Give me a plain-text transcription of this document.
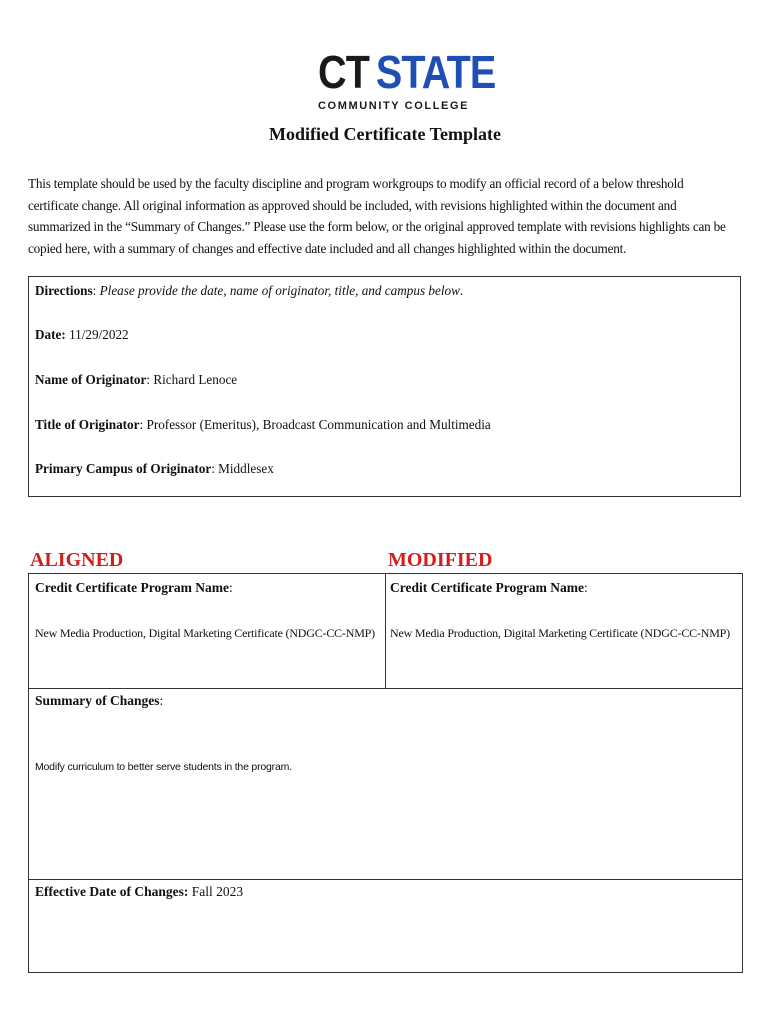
CT STATE
COMMUNITY COLLEGE
Modified Certificate Template
This template should be used by the faculty discipline and program workgroups to modify an official record of a below threshold certificate change. All original information as approved should be included, with revisions highlighted within the document and summarized in the “Summary of Changes.” Please use the form below, or the original approved template with revisions highlights can be copied here, with a summary of changes and effective date included and all changes highlighted within the document.
Directions: Please provide the date, name of originator, title, and campus below.
Date: 11/29/2022
Name of Originator: Richard Lenoce
Title of Originator: Professor (Emeritus), Broadcast Communication and Multimedia
Primary Campus of Originator: Middlesex
ALIGNED	MODIFIED
Credit Certificate Program Name:
New Media Production, Digital Marketing Certificate (NDGC-CC-NMP)
Credit Certificate Program Name:
New Media Production, Digital Marketing Certificate (NDGC-CC-NMP)
Summary of Changes:
Modify curriculum to better serve students in the program.
Effective Date of Changes: Fall 2023
